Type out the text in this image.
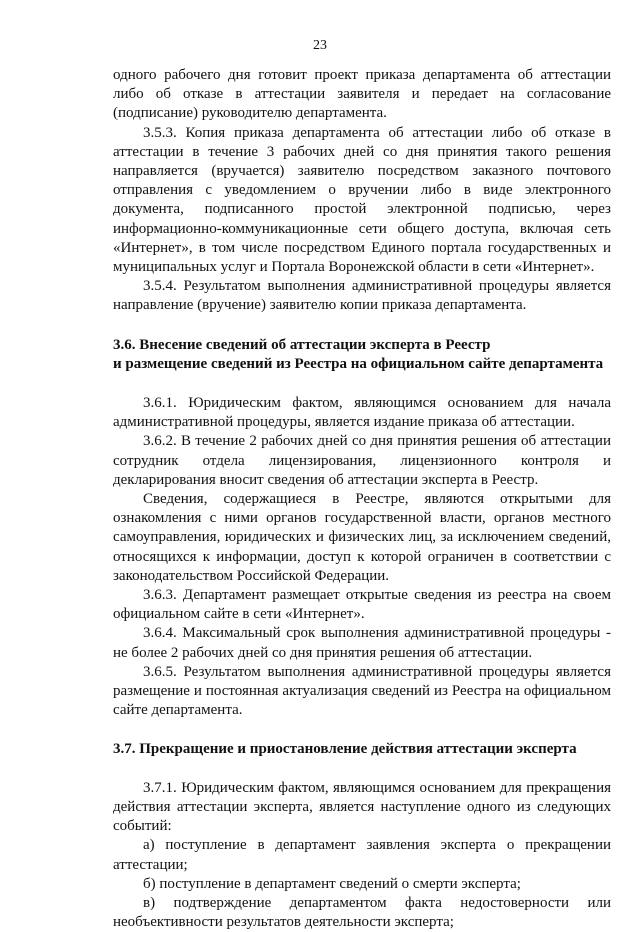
23

одного рабочего дня готовит проект приказа департамента об аттестации либо об отказе в аттестации заявителя и передает на согласование (подписание) руководителю департамента.

3.5.3. Копия приказа департамента об аттестации либо об отказе в аттестации в течение 3 рабочих дней со дня принятия такого решения направляется (вручается) заявителю посредством заказного почтового отправления с уведомлением о вручении либо в виде электронного документа, подписанного простой электронной подписью, через информационно-коммуникационные сети общего доступа, включая сеть «Интернет», в том числе посредством Единого портала государственных и муниципальных услуг и Портала Воронежской области в сети «Интернет».

3.5.4. Результатом выполнения административной процедуры является направление (вручение) заявителю копии приказа департамента.

3.6. Внесение сведений об аттестации эксперта в Реестр

и размещение сведений из Реестра на официальном сайте департамента

3.6.1. Юридическим фактом, являющимся основанием для начала административной процедуры, является издание приказа об аттестации.

3.6.2. В течение 2 рабочих дней со дня принятия решения об аттестации сотрудник отдела лицензирования, лицензионного контроля и декларирования вносит сведения об аттестации эксперта в Реестр.

Сведения, содержащиеся в Реестре, являются открытыми для ознакомления с ними органов государственной власти, органов местного самоуправления, юридических и физических лиц, за исключением сведений, относящихся к информации, доступ к которой ограничен в соответствии с законодательством Российской Федерации.

3.6.3. Департамент размещает открытые сведения из реестра на своем официальном сайте в сети «Интернет».

3.6.4. Максимальный срок выполнения административной процедуры - не более 2 рабочих дней со дня принятия решения об аттестации.

3.6.5. Результатом выполнения административной процедуры является размещение и постоянная актуализация сведений из Реестра на официальном сайте департамента.

3.7. Прекращение и приостановление действия аттестации эксперта

3.7.1. Юридическим фактом, являющимся основанием для прекращения действия аттестации эксперта, является наступление одного из следующих событий:

а) поступление в департамент заявления эксперта о прекращении аттестации;

б) поступление в департамент сведений о смерти эксперта;

в) подтверждение департаментом факта недостоверности или необъективности результатов деятельности эксперта;
